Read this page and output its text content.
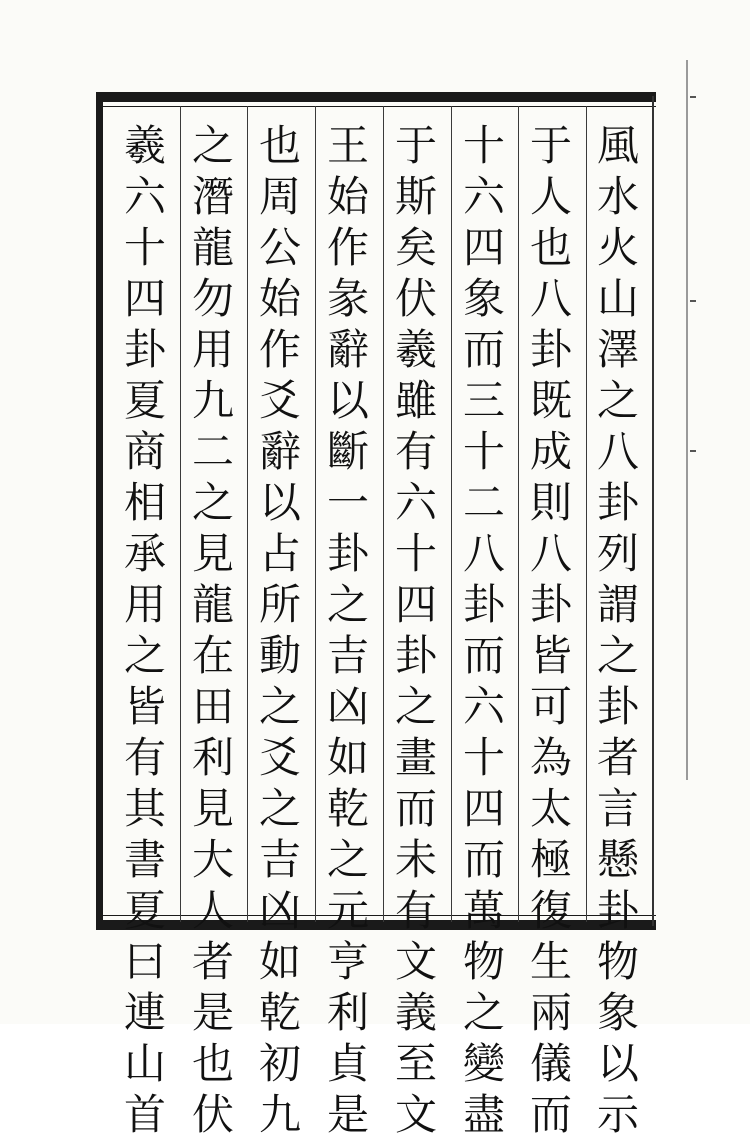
風
水
火
山
澤
之
八
卦
列
謂
之
卦
者
言
懸
卦
物
象
以
示
于
人
也
八
卦
既
成
則
八
卦
皆
可
為
太
極
復
生
兩
儀
而
十
六
四
象
而
三
十
二
八
卦
而
六
十
四
而
萬
物
之
變
盡
于
斯
矣
伏
羲
雖
有
六
十
四
卦
之
畫
而
未
有
文
義
至
文
王
始
作
彖
辭
以
斷
一
卦
之
吉
凶
如
乾
之
元
亨
利
貞
是
也
周
公
始
作
爻
辭
以
占
所
動
之
爻
之
吉
凶
如
乾
初
九
之
潛
龍
勿
用
九
二
之
見
龍
在
田
利
見
大
人
者
是
也
伏
羲
六
十
四
卦
夏
商
相
承
用
之
皆
有
其
書
夏
曰
連
山
首
